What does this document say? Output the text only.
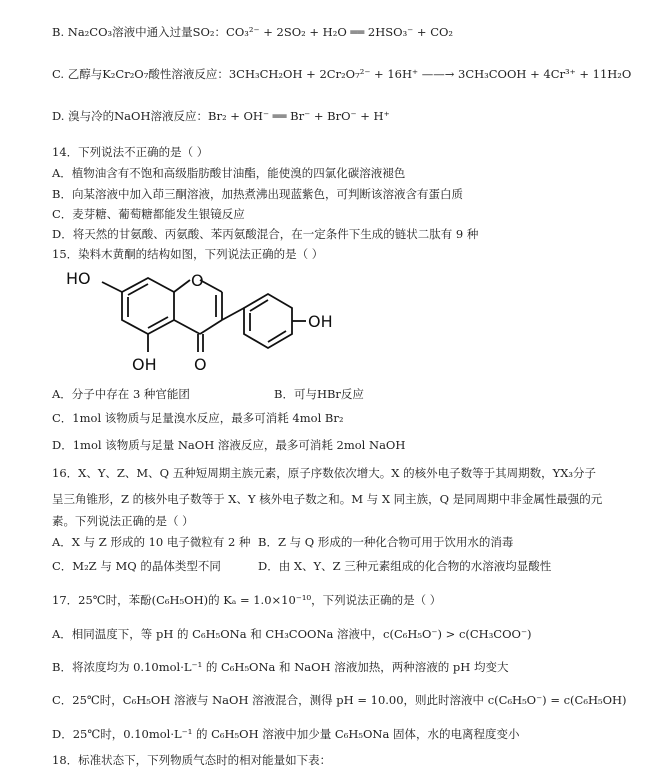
B. Na₂CO₃溶液中通入过量SO₂：CO₃²⁻ + 2SO₂ + H₂O ══ 2HSO₃⁻ + CO₂
C. 乙醇与K₂Cr₂O₇酸性溶液反应：3CH₃CH₂OH + 2Cr₂O₇²⁻ + 16H⁺ ——→ 3CH₃COOH + 4Cr³⁺ + 11H₂O
D. 溴与冷的NaOH溶液反应：Br₂ + OH⁻ ══ Br⁻ + BrO⁻ + H⁺
14．下列说法不正确的是（ ）
A．植物油含有不饱和高级脂肪酸甘油酯，能使溴的四氯化碳溶液褪色
B．向某溶液中加入茚三酮溶液，加热煮沸出现蓝紫色，可判断该溶液含有蛋白质
C．麦芽糖、葡萄糖都能发生银镜反应
D．将天然的甘氨酸、丙氨酸、苯丙氨酸混合，在一定条件下生成的链状二肽有 9 种
15．染料木黄酮的结构如图，下列说法正确的是（ ）
HO	O
O
OH
OH
A．分子中存在 3 种官能团	B．可与HBr反应
C．1mol 该物质与足量溴水反应，最多可消耗 4mol Br₂
D．1mol 该物质与足量 NaOH 溶液反应，最多可消耗 2mol NaOH
16．X、Y、Z、M、Q 五种短周期主族元素，原子序数依次增大。X 的核外电子数等于其周期数，YX₃分子
呈三角锥形，Z 的核外电子数等于 X、Y 核外电子数之和。M 与 X 同主族，Q 是同周期中非金属性最强的元
素。下列说法正确的是（ ）
A．X 与 Z 形成的 10 电子微粒有 2 种 B．Z 与 Q 形成的一种化合物可用于饮用水的消毒
C．M₂Z 与 MQ 的晶体类型不同	D．由 X、Y、Z 三种元素组成的化合物的水溶液均显酸性
17．25℃时，苯酚(C₆H₅OH)的 Kₐ = 1.0×10⁻¹⁰，下列说法正确的是（ ）
A．相同温度下，等 pH 的 C₆H₅ONa 和 CH₃COONa 溶液中，c(C₆H₅O⁻) > c(CH₃COO⁻)
B．将浓度均为 0.10mol·L⁻¹ 的 C₆H₅ONa 和 NaOH 溶液加热，两种溶液的 pH 均变大
C．25℃时，C₆H₅OH 溶液与 NaOH 溶液混合，测得 pH = 10.00，则此时溶液中 c(C₆H₅O⁻) = c(C₆H₅OH)
D．25℃时，0.10mol·L⁻¹ 的 C₆H₅OH 溶液中加少量 C₆H₅ONa 固体，水的电离程度变小
18．标准状态下，下列物质气态时的相对能量如下表：
